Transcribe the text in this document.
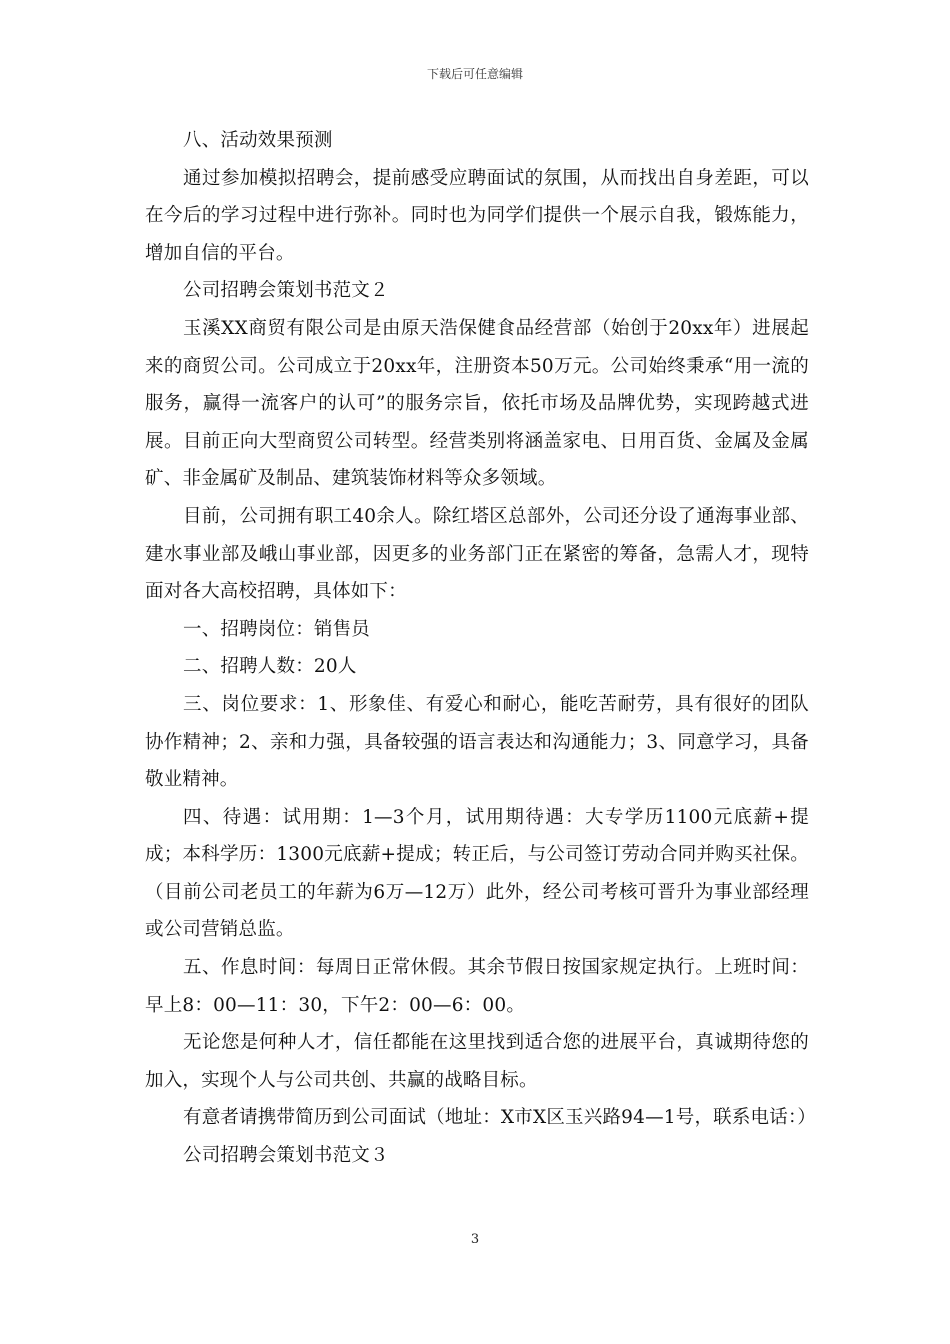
下载后可任意编辑

八、活动效果预测

通过参加模拟招聘会，提前感受应聘面试的氛围，从而找出自身差距，可以在今后的学习过程中进行弥补。同时也为同学们提供一个展示自我，锻炼能力，增加自信的平台。

公司招聘会策划书范文２

玉溪XX商贸有限公司是由原天浩保健食品经营部（始创于20xx年）进展起来的商贸公司。公司成立于20xx年，注册资本50万元。公司始终秉承“用一流的服务，赢得一流客户的认可”的服务宗旨，依托市场及品牌优势，实现跨越式进展。目前正向大型商贸公司转型。经营类别将涵盖家电、日用百货、金属及金属矿、非金属矿及制品、建筑装饰材料等众多领域。

目前，公司拥有职工40余人。除红塔区总部外，公司还分设了通海事业部、建水事业部及峨山事业部，因更多的业务部门正在紧密的筹备，急需人才，现特面对各大高校招聘，具体如下：

一、招聘岗位：销售员

二、招聘人数：20人

三、岗位要求：1、形象佳、有爱心和耐心，能吃苦耐劳，具有很好的团队协作精神；2、亲和力强，具备较强的语言表达和沟通能力；3、同意学习，具备敬业精神。

四、待遇：试用期：1—3个月，试用期待遇：大专学历1100元底薪+提成；本科学历：1300元底薪+提成；转正后，与公司签订劳动合同并购买社保。（目前公司老员工的年薪为6万—12万）此外，经公司考核可晋升为事业部经理或公司营销总监。

五、作息时间：每周日正常休假。其余节假日按国家规定执行。上班时间：早上8：00—11：30，下午2：00—6：00。

无论您是何种人才，信任都能在这里找到适合您的进展平台，真诚期待您的加入，实现个人与公司共创、共赢的战略目标。

有意者请携带简历到公司面试（地址：X市X区玉兴路94—1号，联系电话：）

公司招聘会策划书范文３

3
